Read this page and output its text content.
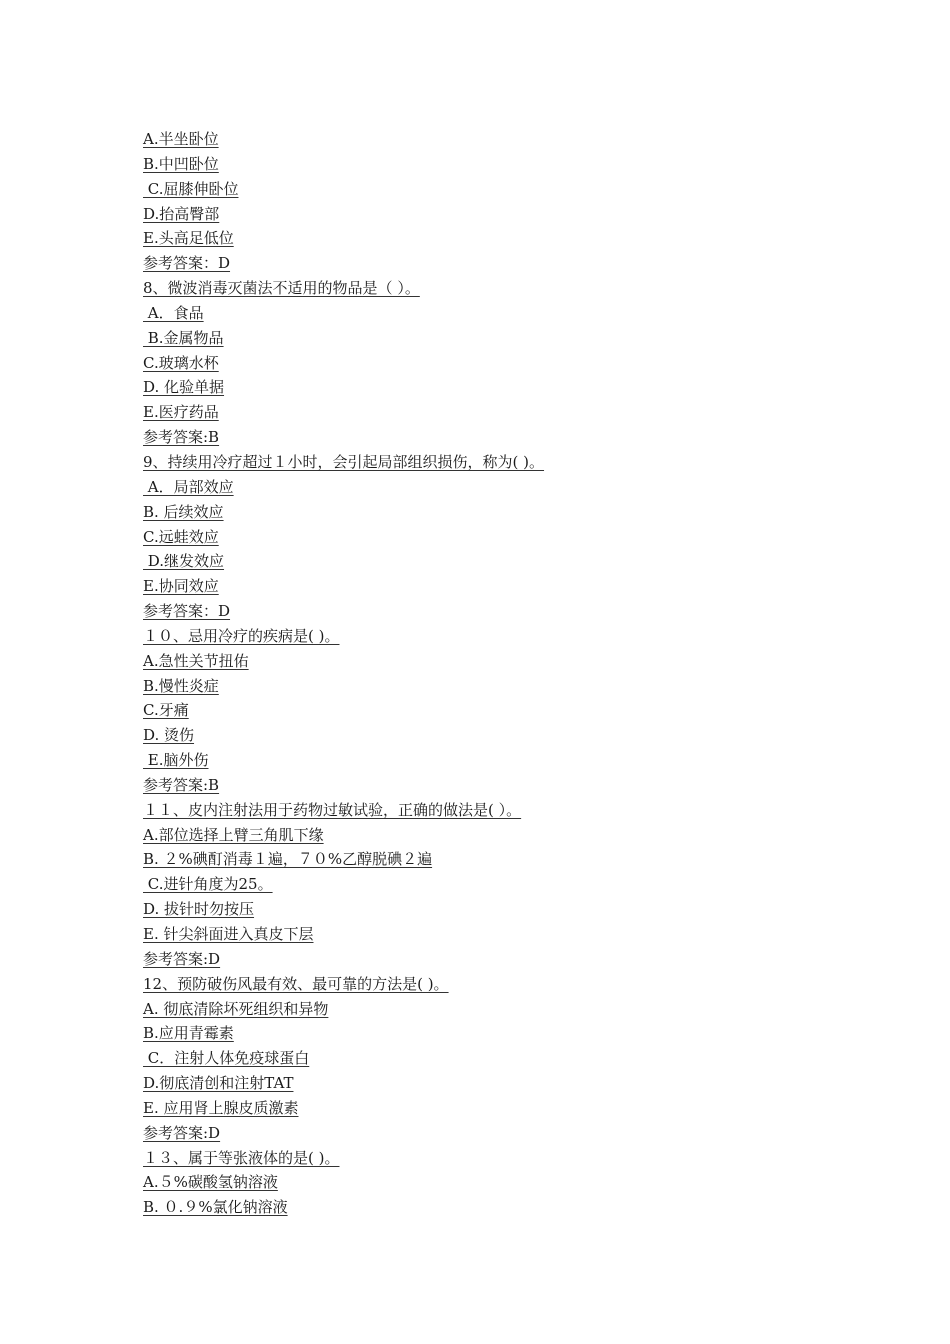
A.半坐卧位
B.中凹卧位
C.屈膝伸卧位
D.抬高臀部
E.头高足低位
参考答案：D
8、微波消毒灭菌法不适用的物品是（ ）。
A．食品
B.金属物品
C.玻璃水杯
D. 化验单据
E.医疗药品
参考答案:B
9、持续用冷疗超过１小时，会引起局部组织损伤，称为( )。
A．局部效应
B. 后续效应
C.远蛙效应
D.继发效应
E.协同效应
参考答案：D
１０、忌用冷疗的疾病是( )。
A.急性关节扭佑
B.慢性炎症
C.牙痛
D. 烫伤
E.脑外伤
参考答案:B
１１、皮内注射法用于药物过敏试验，正确的做法是( ）。
A.部位选择上臂三角肌下缘
B. ２%碘酊消毒１遍，７０%乙醇脱碘２遍
C.进针角度为25。
D. 拔针时勿按压
E. 针尖斜面进入真皮下层
参考答案:D
12、预防破伤风最有效、最可靠的方法是( )。
A. 彻底清除坏死组织和异物
B.应用青霉素
C．注射人体免疫球蛋白
D.彻底清创和注射TAT
E. 应用肾上腺皮质激素
参考答案:D
１３、属于等张液体的是( )。
A.５%碳酸氢钠溶液
B. ０.９%氯化钠溶液
